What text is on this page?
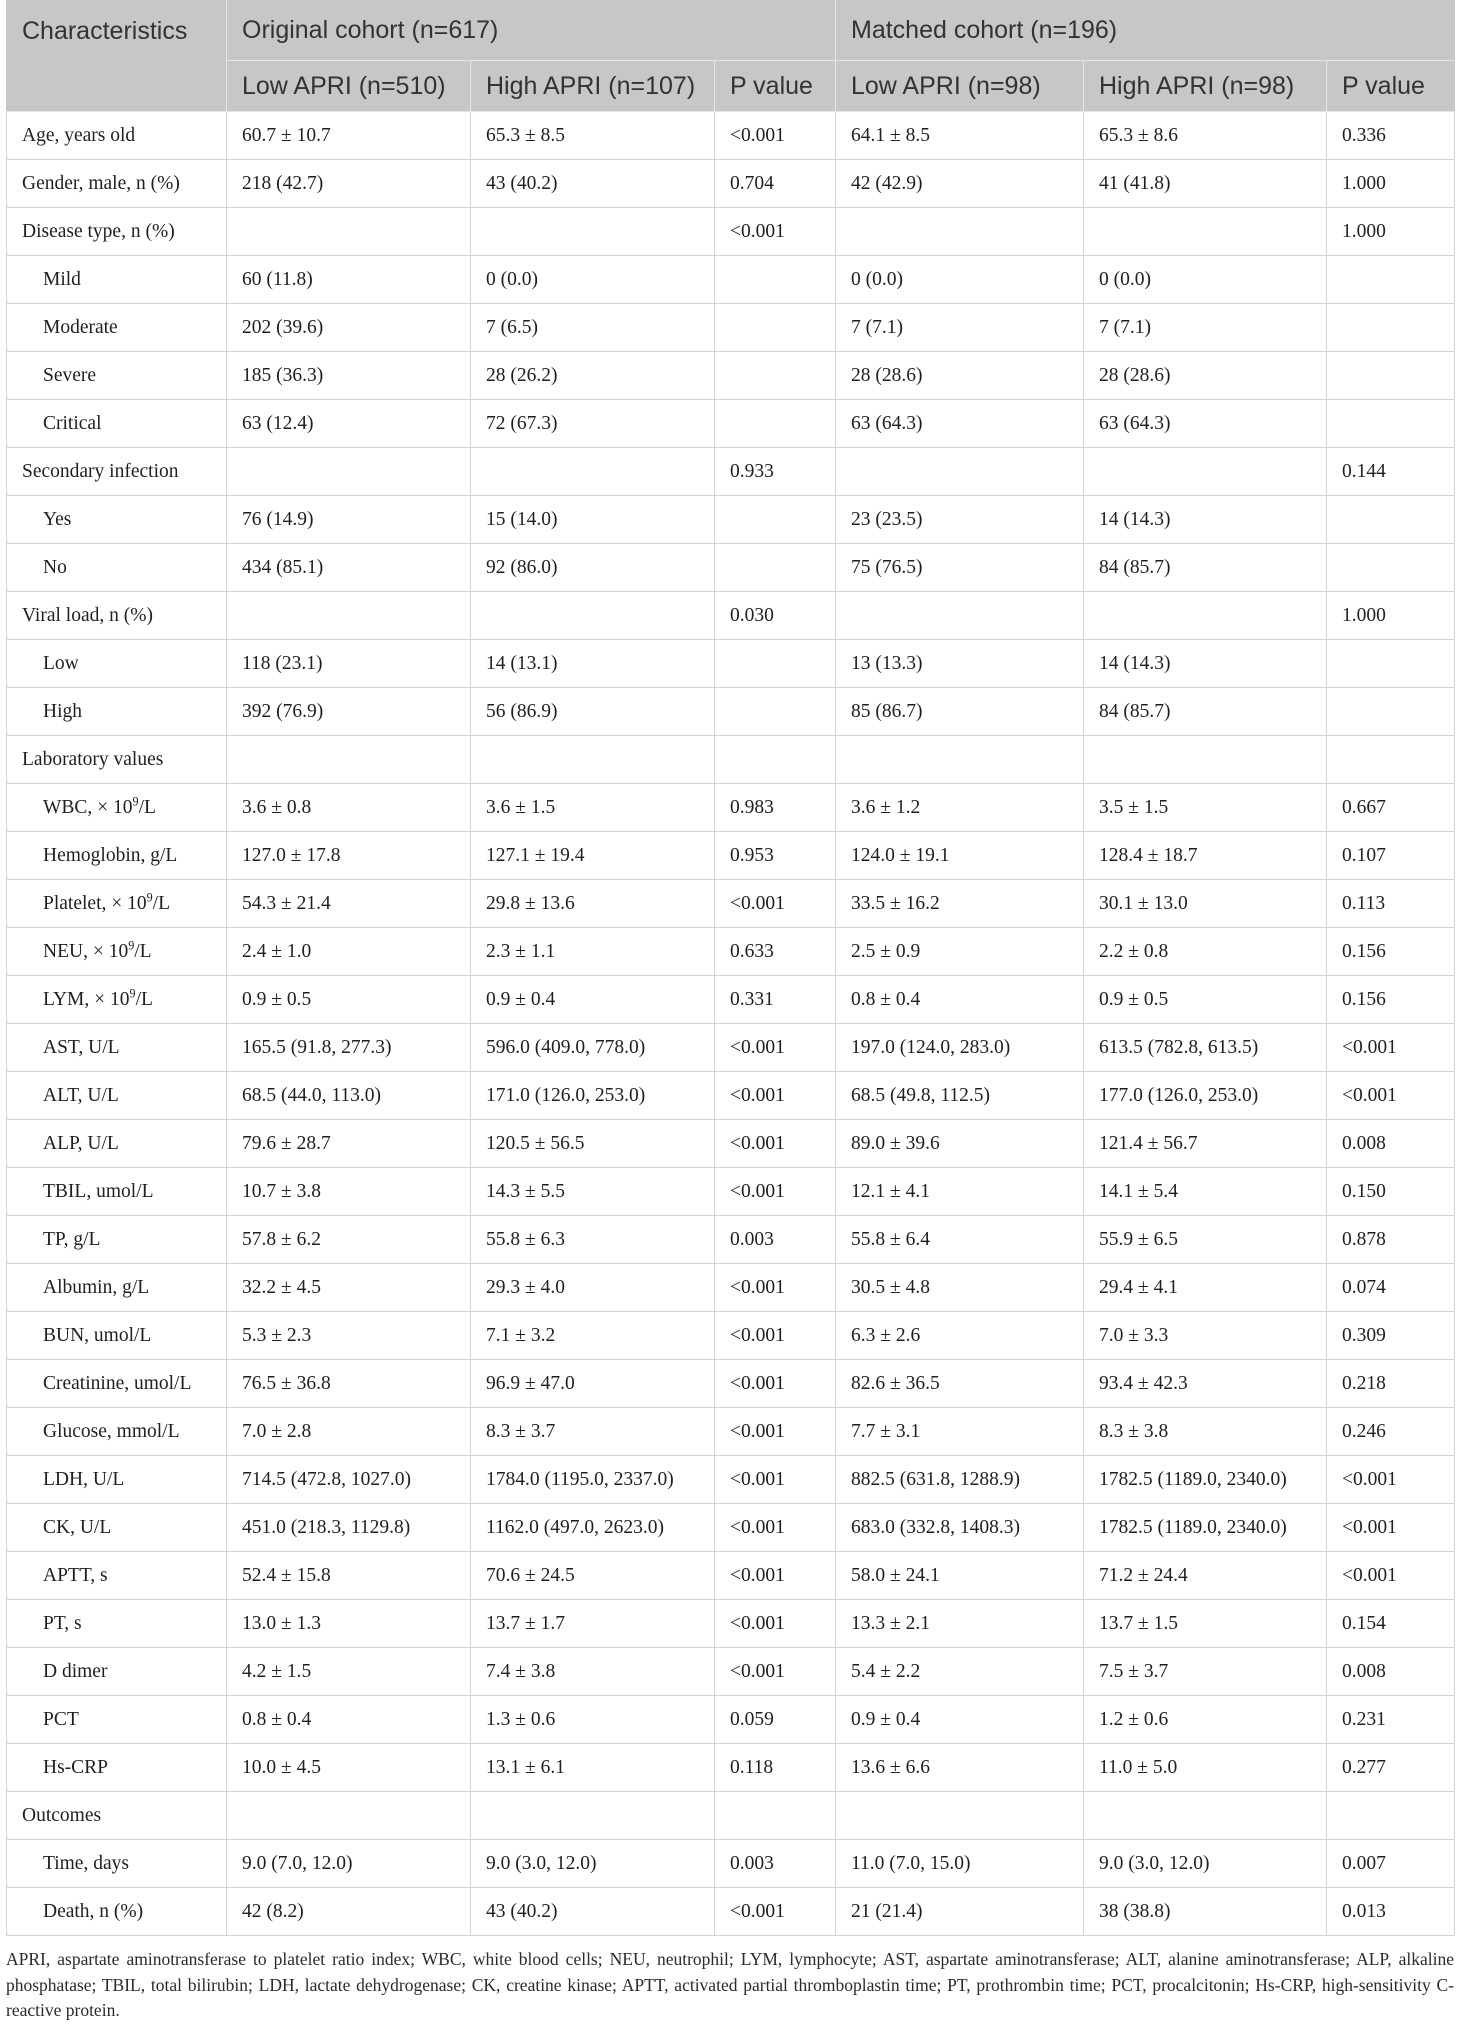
Characteristics	Original cohort (n=617)			Matched cohort (n=196)		
	Low APRI (n=510)	High APRI (n=107)	P value	Low APRI (n=98)	High APRI (n=98)	P value
Age, years old	60.7 ± 10.7	65.3 ± 8.5	<0.001	64.1 ± 8.5	65.3 ± 8.6	0.336
Gender, male, n (%)	218 (42.7)	43 (40.2)	0.704	42 (42.9)	41 (41.8)	1.000
Disease type, n (%)			<0.001			1.000
Mild	60 (11.8)	0 (0.0)		0 (0.0)	0 (0.0)	
Moderate	202 (39.6)	7 (6.5)		7 (7.1)	7 (7.1)	
Severe	185 (36.3)	28 (26.2)		28 (28.6)	28 (28.6)	
Critical	63 (12.4)	72 (67.3)		63 (64.3)	63 (64.3)	
Secondary infection			0.933			0.144
Yes	76 (14.9)	15 (14.0)		23 (23.5)	14 (14.3)	
No	434 (85.1)	92 (86.0)		75 (76.5)	84 (85.7)	
Viral load, n (%)			0.030			1.000
Low	118 (23.1)	14 (13.1)		13 (13.3)	14 (14.3)	
High	392 (76.9)	56 (86.9)		85 (86.7)	84 (85.7)	
Laboratory values						
WBC, × $10^9/L$	3.6 ± 0.8	3.6 ± 1.5	0.983	3.6 ± 1.2	3.5 ± 1.5	0.667
Hemoglobin, g/L	127.0 ± 17.8	127.1 ± 19.4	0.953	124.0 ± 19.1	128.4 ± 18.7	0.107
Platelet, × $10^9/L$	54.3 ± 21.4	29.8 ± 13.6	<0.001	33.5 ± 16.2	30.1 ± 13.0	0.113
NEU, × $10^9/L$	2.4 ± 1.0	2.3 ± 1.1	0.633	2.5 ± 0.9	2.2 ± 0.8	0.156
LYM, × $10^9/L$	0.9 ± 0.5	0.9 ± 0.4	0.331	0.8 ± 0.4	0.9 ± 0.5	0.156
AST, U/L	165.5 (91.8, 277.3)	596.0 (409.0, 778.0)	<0.001	197.0 (124.0, 283.0)	613.5 (782.8, 613.5)	<0.001
ALT, U/L	68.5 (44.0, 113.0)	171.0 (126.0, 253.0)	<0.001	68.5 (49.8, 112.5)	177.0 (126.0, 253.0)	<0.001
ALP, U/L	79.6 ± 28.7	120.5 ± 56.5	<0.001	89.0 ± 39.6	121.4 ± 56.7	0.008
TBIL, umol/L	10.7 ± 3.8	14.3 ± 5.5	<0.001	12.1 ± 4.1	14.1 ± 5.4	0.150
TP, g/L	57.8 ± 6.2	55.8 ± 6.3	0.003	55.8 ± 6.4	55.9 ± 6.5	0.878
Albumin, g/L	32.2 ± 4.5	29.3 ± 4.0	<0.001	30.5 ± 4.8	29.4 ± 4.1	0.074
BUN, umol/L	5.3 ± 2.3	7.1 ± 3.2	<0.001	6.3 ± 2.6	7.0 ± 3.3	0.309
Creatinine, umol/L	76.5 ± 36.8	96.9 ± 47.0	<0.001	82.6 ± 36.5	93.4 ± 42.3	0.218
Glucose, mmol/L	7.0 ± 2.8	8.3 ± 3.7	<0.001	7.7 ± 3.1	8.3 ± 3.8	0.246
LDH, U/L	714.5 (472.8, 1027.0)	1784.0 (1195.0, 2337.0)	<0.001	882.5 (631.8, 1288.9)	1782.5 (1189.0, 2340.0)	<0.001
CK, U/L	451.0 (218.3, 1129.8)	1162.0 (497.0, 2623.0)	<0.001	683.0 (332.8, 1408.3)	1782.5 (1189.0, 2340.0)	<0.001
APTT, s	52.4 ± 15.8	70.6 ± 24.5	<0.001	58.0 ± 24.1	71.2 ± 24.4	<0.001
PT, s	13.0 ± 1.3	13.7 ± 1.7	<0.001	13.3 ± 2.1	13.7 ± 1.5	0.154
D dimer	4.2 ± 1.5	7.4 ± 3.8	<0.001	5.4 ± 2.2	7.5 ± 3.7	0.008
PCT	0.8 ± 0.4	1.3 ± 0.6	0.059	0.9 ± 0.4	1.2 ± 0.6	0.231
Hs-CRP	10.0 ± 4.5	13.1 ± 6.1	0.118	13.6 ± 6.6	11.0 ± 5.0	0.277
Outcomes						
Time, days	9.0 (7.0, 12.0)	9.0 (3.0, 12.0)	0.003	11.0 (7.0, 15.0)	9.0 (3.0, 12.0)	0.007
Death, n (%)	42 (8.2)	43 (40.2)	<0.001	21 (21.4)	38 (38.8)	0.013

APRI, aspartate aminotransferase to platelet ratio index; WBC, white blood cells; NEU, neutrophil; LYM, lymphocyte; AST, aspartate aminotransferase; ALT, alanine aminotransferase; ALP, alkaline phosphatase; TBIL, total bilirubin; LDH, lactate dehydrogenase; CK, creatine kinase; APTT, activated partial thromboplastin time; PT, prothrombin time; PCT, procalcitonin; Hs-CRP, high-sensitivity C-reactive protein.
